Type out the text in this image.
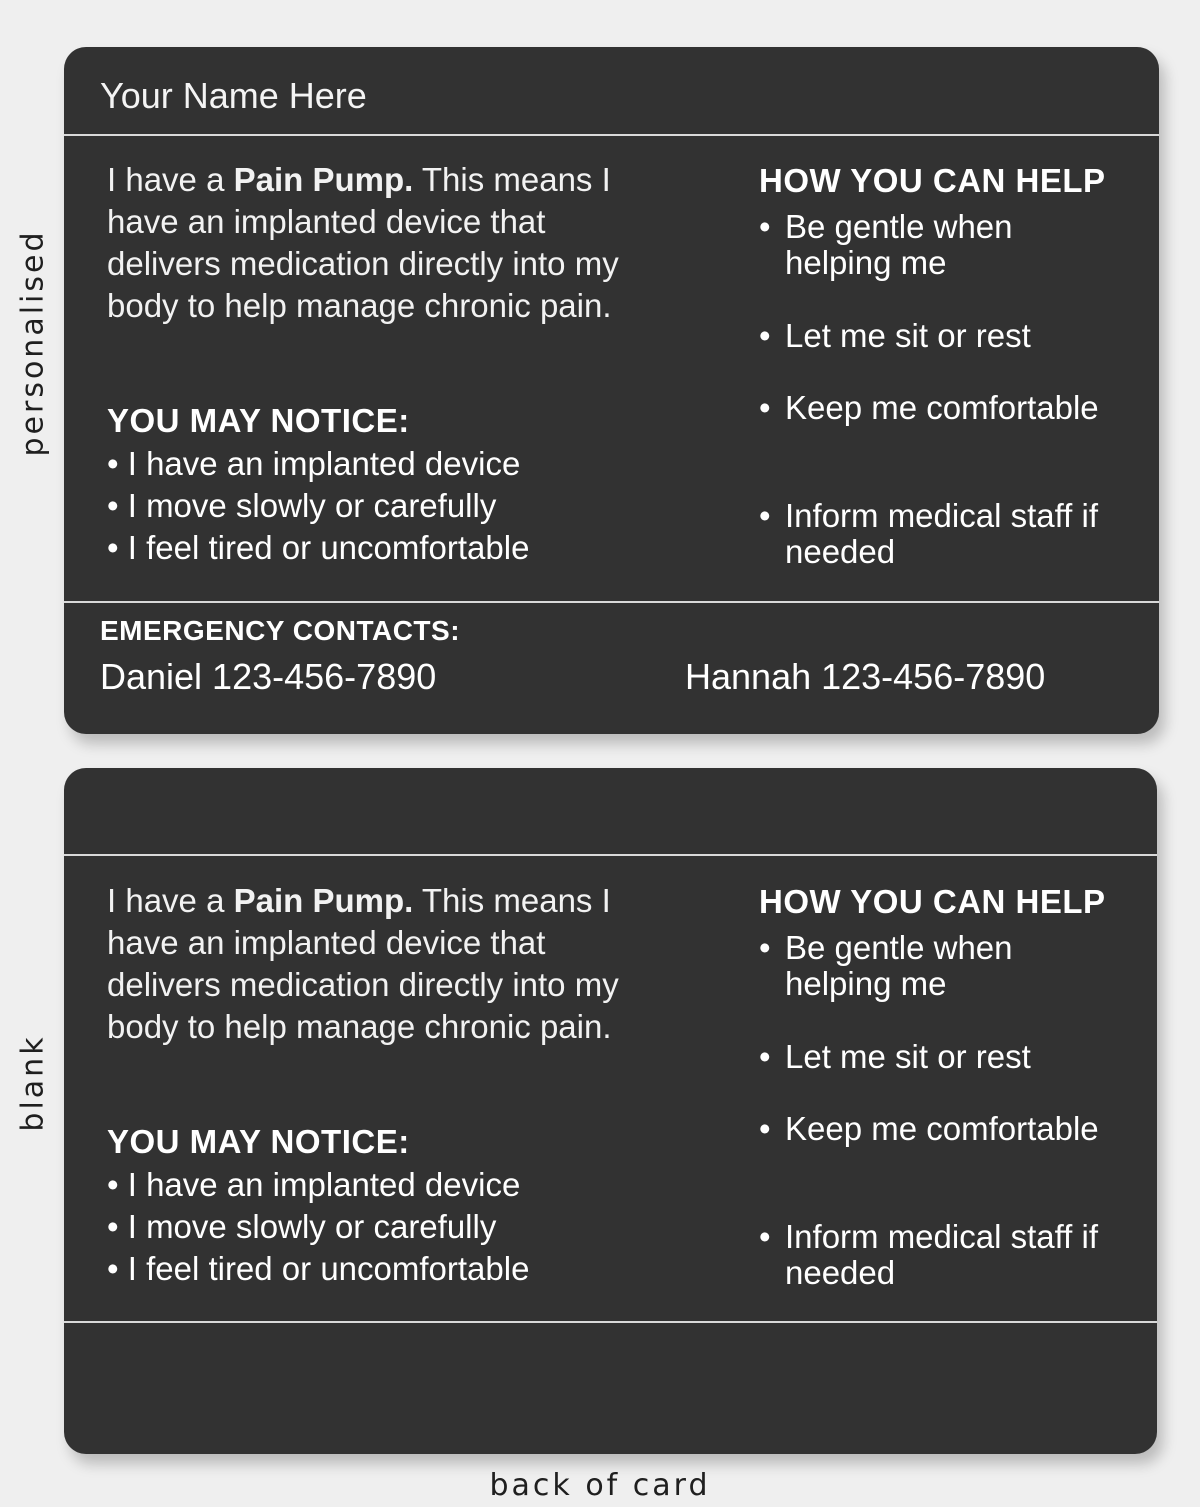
personalised
blank
Your Name Here
I have a Pain Pump. This means I have an implanted device that delivers medication directly into my body to help manage chronic pain.
YOU MAY NOTICE:
• I have an implanted device
• I move slowly or carefully
• I feel tired or uncomfortable
HOW YOU CAN HELP
• Be gentle when helping me
• Let me sit or rest
• Keep me comfortable
• Inform medical staff if needed
EMERGENCY CONTACTS:
Daniel 123-456-7890	Hannah 123-456-7890
I have a Pain Pump. This means I have an implanted device that delivers medication directly into my body to help manage chronic pain.
YOU MAY NOTICE:
• I have an implanted device
• I move slowly or carefully
• I feel tired or uncomfortable
HOW YOU CAN HELP
• Be gentle when helping me
• Let me sit or rest
• Keep me comfortable
• Inform medical staff if needed
back of card
